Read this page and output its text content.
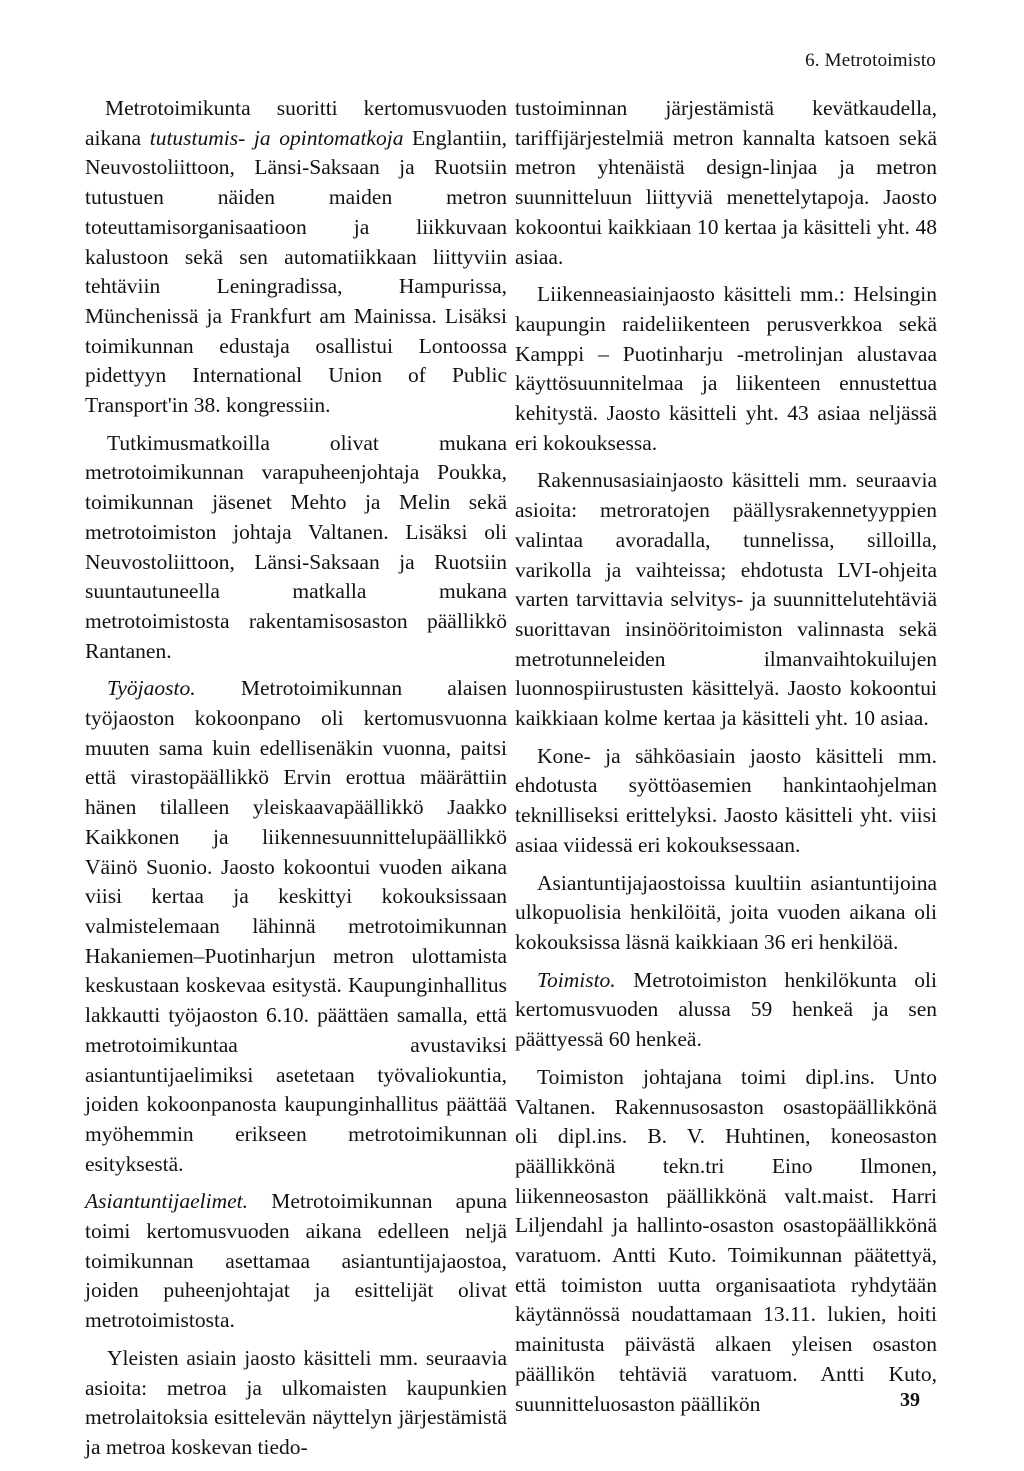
6. Metrotoimisto

Metrotoimikunta suoritti kertomusvuoden aikana tutustumis- ja opintomatkoja Englantiin, Neuvostoliittoon, Länsi-Saksaan ja Ruotsiin tutustuen näiden maiden metron toteuttamisorganisaatioon ja liikkuvaan kalustoon sekä sen automatiikkaan liittyviin tehtäviin Leningradissa, Hampurissa, Münchenissä ja Frankfurt am Mainissa. Lisäksi toimikunnan edustaja osallistui Lontoossa pidettyyn International Union of Public Transport'in 38. kongressiin.

Tutkimusmatkoilla olivat mukana metrotoimikunnan varapuheenjohtaja Poukka, toimikunnan jäsenet Mehto ja Melin sekä metrotoimiston johtaja Valtanen. Lisäksi oli Neuvostoliittoon, Länsi-Saksaan ja Ruotsiin suuntautuneella matkalla mukana metrotoimistosta rakentamisosaston päällikkö Rantanen.

Työjaosto. Metrotoimikunnan alaisen työjaoston kokoonpano oli kertomusvuonna muuten sama kuin edellisenäkin vuonna, paitsi että virastopäällikkö Ervin erottua määrättiin hänen tilalleen yleiskaavapäällikkö Jaakko Kaikkonen ja liikennesuunnittelupäällikkö Väinö Suonio. Jaosto kokoontui vuoden aikana viisi kertaa ja keskittyi kokouksissaan valmistelemaan lähinnä metrotoimikunnan Hakaniemen–Puotinharjun metron ulottamista keskustaan koskevaa esitystä. Kaupunginhallitus lakkautti työjaoston 6.10. päättäen samalla, että metrotoimikuntaa avustaviksi asiantuntijaelimiksi asetetaan työvaliokuntia, joiden kokoonpanosta kaupunginhallitus päättää myöhemmin erikseen metrotoimikunnan esityksestä.

Asiantuntijaelimet. Metrotoimikunnan apuna toimi kertomusvuoden aikana edelleen neljä toimikunnan asettamaa asiantuntijajaostoa, joiden puheenjohtajat ja esittelijät olivat metrotoimistosta.

Yleisten asiain jaosto käsitteli mm. seuraavia asioita: metroa ja ulkomaisten kaupunkien metrolaitoksia esittelevän näyttelyn järjestämistä ja metroa koskevan tiedo-

tustoiminnan järjestämistä kevätkaudella, tariffijärjestelmiä metron kannalta katsoen sekä metron yhtenäistä design-linjaa ja metron suunnitteluun liittyviä menettelytapoja. Jaosto kokoontui kaikkiaan 10 kertaa ja käsitteli yht. 48 asiaa.

Liikenneasiainjaosto käsitteli mm.: Helsingin kaupungin raideliikenteen perusverkkoa sekä Kamppi – Puotinharju -metrolinjan alustavaa käyttösuunnitelmaa ja liikenteen ennustettua kehitystä. Jaosto käsitteli yht. 43 asiaa neljässä eri kokouksessa.

Rakennusasiainjaosto käsitteli mm. seuraavia asioita: metroratojen päällysrakennetyyppien valintaa avoradalla, tunnelissa, silloilla, varikolla ja vaihteissa; ehdotusta LVI-ohjeita varten tarvittavia selvitys- ja suunnittelutehtäviä suorittavan insinööritoimiston valinnasta sekä metrotunneleiden ilmanvaihtokuilujen luonnospiirustusten käsittelyä. Jaosto kokoontui kaikkiaan kolme kertaa ja käsitteli yht. 10 asiaa.

Kone- ja sähköasiain jaosto käsitteli mm. ehdotusta syöttöasemien hankintaohjelman teknilliseksi erittelyksi. Jaosto käsitteli yht. viisi asiaa viidessä eri kokouksessaan.

Asiantuntijajaostoissa kuultiin asiantuntijoina ulkopuolisia henkilöitä, joita vuoden aikana oli kokouksissa läsnä kaikkiaan 36 eri henkilöä.

Toimisto. Metrotoimiston henkilökunta oli kertomusvuoden alussa 59 henkeä ja sen päättyessä 60 henkeä.

Toimiston johtajana toimi dipl.ins. Unto Valtanen. Rakennusosaston osastopäällikkönä oli dipl.ins. B. V. Huhtinen, koneosaston päällikkönä tekn.tri Eino Ilmonen, liikenneosaston päällikkönä valt.maist. Harri Liljendahl ja hallinto-osaston osastopäällikkönä varatuom. Antti Kuto. Toimikunnan päätettyä, että toimiston uutta organisaatiota ryhdytään käytännössä noudattamaan 13.11. lukien, hoiti mainitusta päivästä alkaen yleisen osaston päällikön tehtäviä varatuom. Antti Kuto, suunnitteluosaston päällikön	39
